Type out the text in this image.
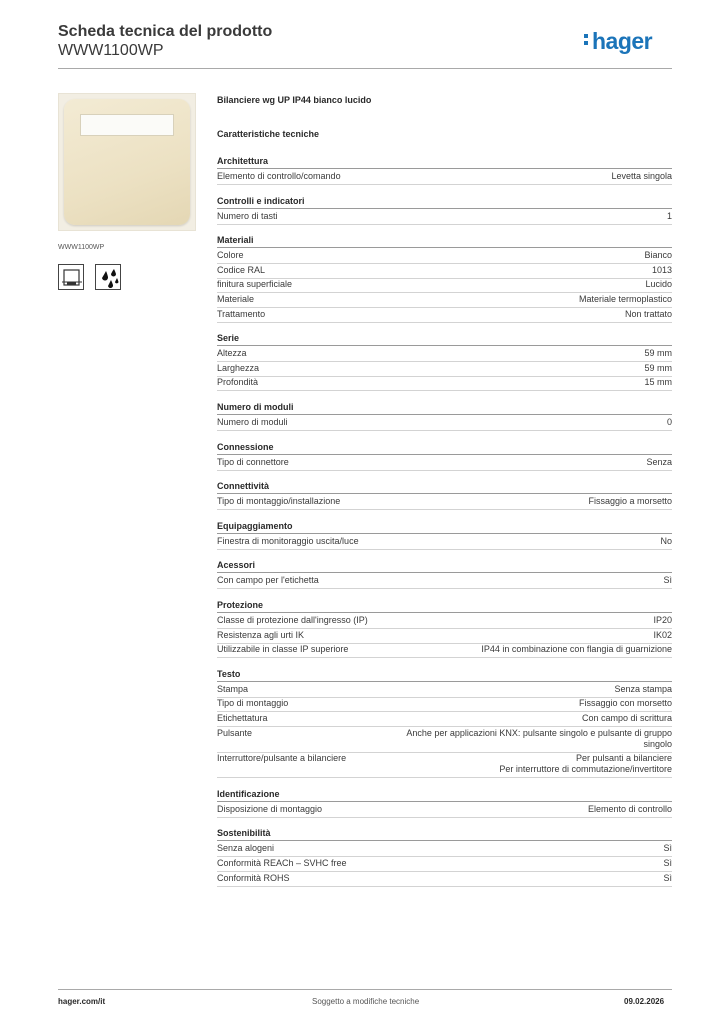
Scheda tecnica del prodotto
WWW1100WP	hager
WWW1100WP
Bilanciere wg UP IP44 bianco lucido
Caratteristiche tecniche
Architettura
Elemento di controllo/comando	Levetta singola
Controlli e indicatori
Numero di tasti	1
Materiali
Colore	Bianco
Codice RAL	1013
finitura superficiale	Lucido
Materiale	Materiale termoplastico
Trattamento	Non trattato
Serie
Altezza	59 mm
Larghezza	59 mm
Profondità	15 mm
Numero di moduli
Numero di moduli	0
Connessione
Tipo di connettore	Senza
Connettività
Tipo di montaggio/installazione	Fissaggio a morsetto
Equipaggiamento
Finestra di monitoraggio uscita/luce	No
Acessori
Con campo per l'etichetta	Sì
Protezione
Classe di protezione dall'ingresso (IP)	IP20
Resistenza agli urti IK	IK02
Utilizzabile in classe IP superiore	IP44 in combinazione con flangia di guarnizione
Testo
Stampa	Senza stampa
Tipo di montaggio	Fissaggio con morsetto
Etichettatura	Con campo di scrittura
Pulsante	Anche per applicazioni KNX: pulsante singolo e pulsante di gruppo
singolo
Interruttore/pulsante a bilanciere	Per pulsanti a bilanciere
Per interruttore di commutazione/invertitore
Identificazione
Disposizione di montaggio	Elemento di controllo
Sostenibilità
Senza alogeni	Sì
Conformità REACh – SVHC free	Sì
Conformità ROHS	Sì
hager.com/it	Soggetto a modifiche tecniche	09.02.2026
